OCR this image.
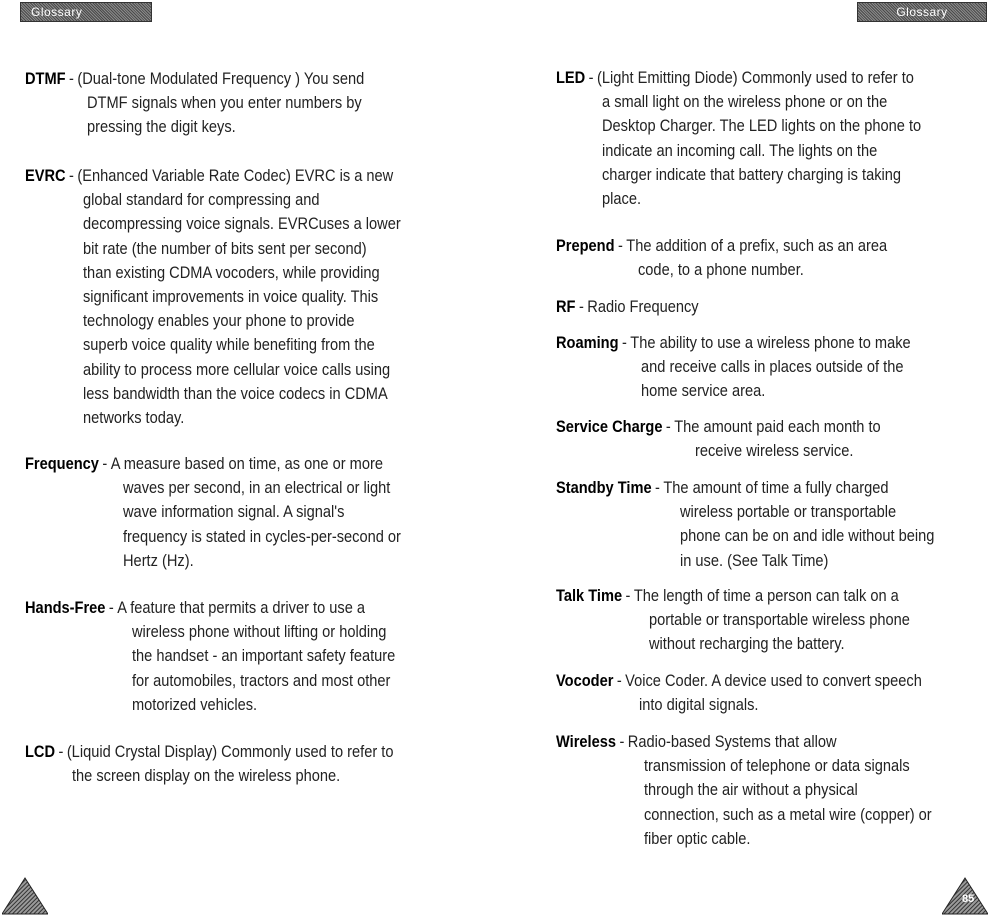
Glossary	Glossary
DTMF - (Dual-tone Modulated Frequency ) You send
DTMF signals when you enter numbers by
pressing the digit keys.
EVRC - (Enhanced Variable Rate Codec) EVRC is a new
global standard for compressing and
decompressing voice signals. EVRCuses a lower
bit rate (the number of bits sent per second)
than existing CDMA vocoders, while providing
significant improvements in voice quality. This
technology enables your phone to provide
superb voice quality while benefiting from the
ability to process more cellular voice calls using
less bandwidth than the voice codecs in CDMA
networks today.
Frequency - A measure based on time, as one or more
waves per second, in an electrical or light
wave information signal. A signal's
frequency is stated in cycles-per-second or
Hertz (Hz).
Hands-Free - A feature that permits a driver to use a
wireless phone without lifting or holding
the handset - an important safety feature
for automobiles, tractors and most other
motorized vehicles.
LCD - (Liquid Crystal Display) Commonly used to refer to
the screen display on the wireless phone.
LED - (Light Emitting Diode) Commonly used to refer to
a small light on the wireless phone or on the
Desktop Charger. The LED lights on the phone to
indicate an incoming call. The lights on the
charger indicate that battery charging is taking
place.
Prepend - The addition of a prefix, such as an area
code, to a phone number.
RF - Radio Frequency
Roaming - The ability to use a wireless phone to make
and receive calls in places outside of the
home service area.
Service Charge - The amount paid each month to
receive wireless service.
Standby Time - The amount of time a fully charged
wireless portable or transportable
phone can be on and idle without being
in use. (See Talk Time)
Talk Time - The length of time a person can talk on a
portable or transportable wireless phone
without recharging the battery.
Vocoder - Voice Coder. A device used to convert speech
into digital signals.
Wireless - Radio-based Systems that allow
transmission of telephone or data signals
through the air without a physical
connection, such as a metal wire (copper) or
fiber optic cable.
85
